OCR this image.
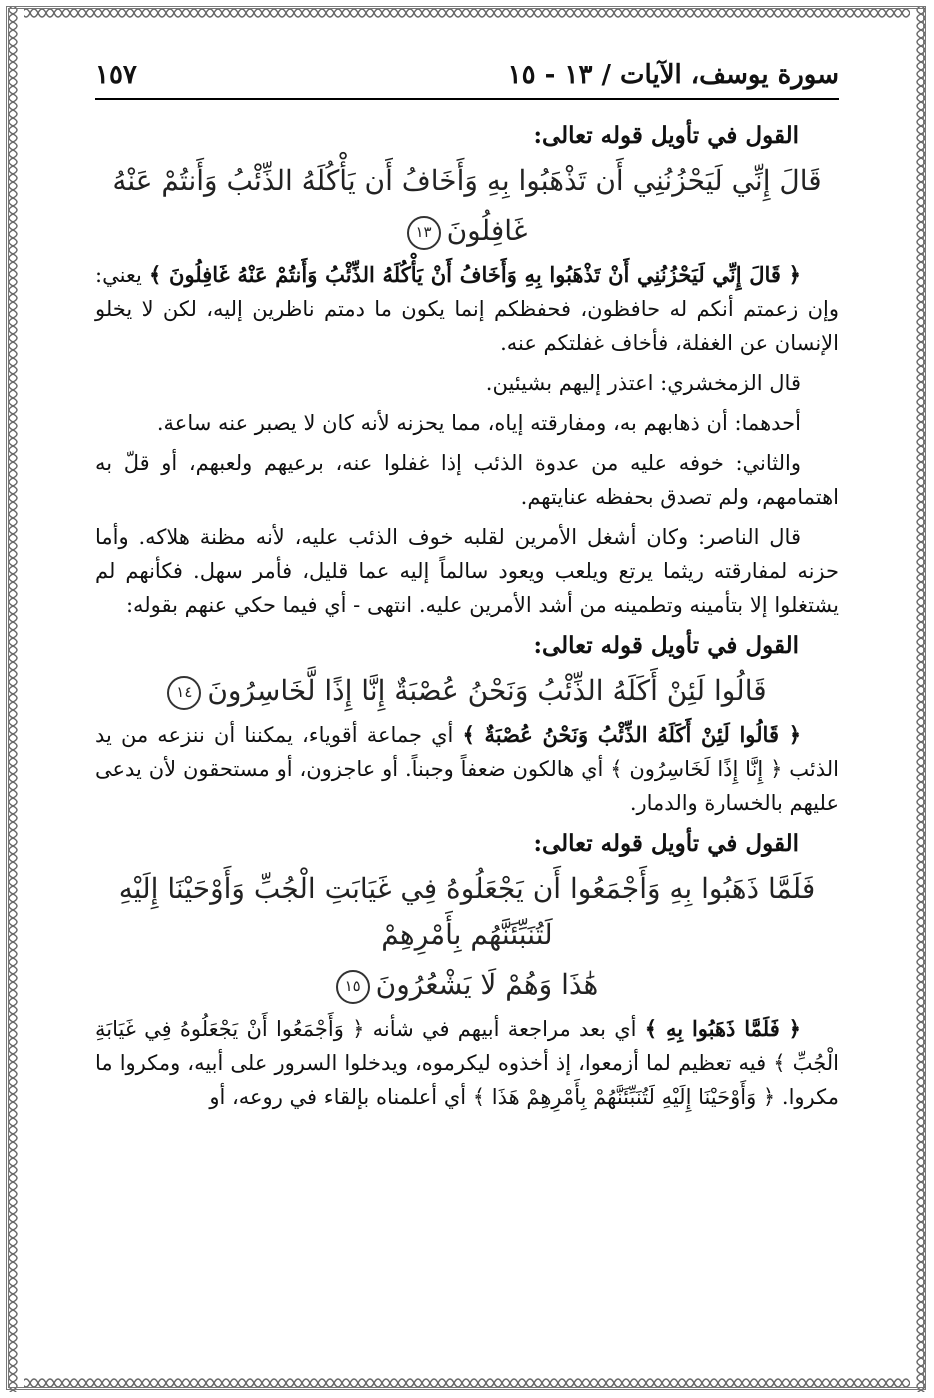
سورة يوسف، الآيات / ١٣ - ١٥
١٥٧
القول في تأويل قوله تعالى:
قَالَ إِنِّي لَيَحْزُنُنِي أَن تَذْهَبُوا بِهِ وَأَخَافُ أَن يَأْكُلَهُ الذِّئْبُ وَأَنتُمْ عَنْهُ
غَافِلُونَ١٣

﴿ قَالَ إِنِّي لَيَحْزُنُنِي أَنْ تَذْهَبُوا بِهِ وَأَخَافُ أَنْ يَأْكُلَهُ الذِّئْبُ وَأَنتُمْ عَنْهُ غَافِلُونَ ﴾ يعني: وإن زعمتم أنكم له حافظون، فحفظكم إنما يكون ما دمتم ناظرين إليه، لكن لا يخلو الإنسان عن الغفلة، فأخاف غفلتكم عنه.

قال الزمخشري: اعتذر إليهم بشيئين.

أحدهما: أن ذهابهم به، ومفارقته إياه، مما يحزنه لأنه كان لا يصبر عنه ساعة.

والثاني: خوفه عليه من عدوة الذئب إذا غفلوا عنه، برعيهم ولعبهم، أو قلّ به اهتمامهم، ولم تصدق بحفظه عنايتهم.

قال الناصر: وكان أشغل الأمرين لقلبه خوف الذئب عليه، لأنه مظنة هلاكه. وأما حزنه لمفارقته ريثما يرتع ويلعب ويعود سالماً إليه عما قليل، فأمر سهل. فكأنهم لم يشتغلوا إلا بتأمينه وتطمينه من أشد الأمرين عليه. انتهى - أي فيما حكي عنهم بقوله:

القول في تأويل قوله تعالى:
قَالُوا لَئِنْ أَكَلَهُ الذِّئْبُ وَنَحْنُ عُصْبَةٌ إِنَّا إِذًا لَّخَاسِرُونَ١٤

﴿ قَالُوا لَئِنْ أَكَلَهُ الذِّئْبُ وَنَحْنُ عُصْبَةٌ ﴾ أي جماعة أقوياء، يمكننا أن ننزعه من يد الذئب ﴿ إِنَّا إِذًا لَخَاسِرُون ﴾ أي هالكون ضعفاً وجبناً. أو عاجزون، أو مستحقون لأن يدعى عليهم بالخسارة والدمار.

القول في تأويل قوله تعالى:
فَلَمَّا ذَهَبُوا بِهِ وَأَجْمَعُوا أَن يَجْعَلُوهُ فِي غَيَابَتِ الْجُبِّ وَأَوْحَيْنَا إِلَيْهِ لَتُنَبِّئَنَّهُم بِأَمْرِهِمْ
هَٰذَا وَهُمْ لَا يَشْعُرُونَ١٥

﴿ فَلَمَّا ذَهَبُوا بِهِ ﴾ أي بعد مراجعة أبيهم في شأنه ﴿ وَأَجْمَعُوا أَنْ يَجْعَلُوهُ فِي غَيَابَةِ الْجُبِّ ﴾ فيه تعظيم لما أزمعوا، إذ أخذوه ليكرموه، ويدخلوا السرور على أبيه، ومكروا ما مكروا. ﴿ وَأَوْحَيْنَا إِلَيْهِ لَتُنَبِّئَنَّهُمْ بِأَمْرِهِمْ هَذَا ﴾ أي أعلمناه بإلقاء في روعه، أو
